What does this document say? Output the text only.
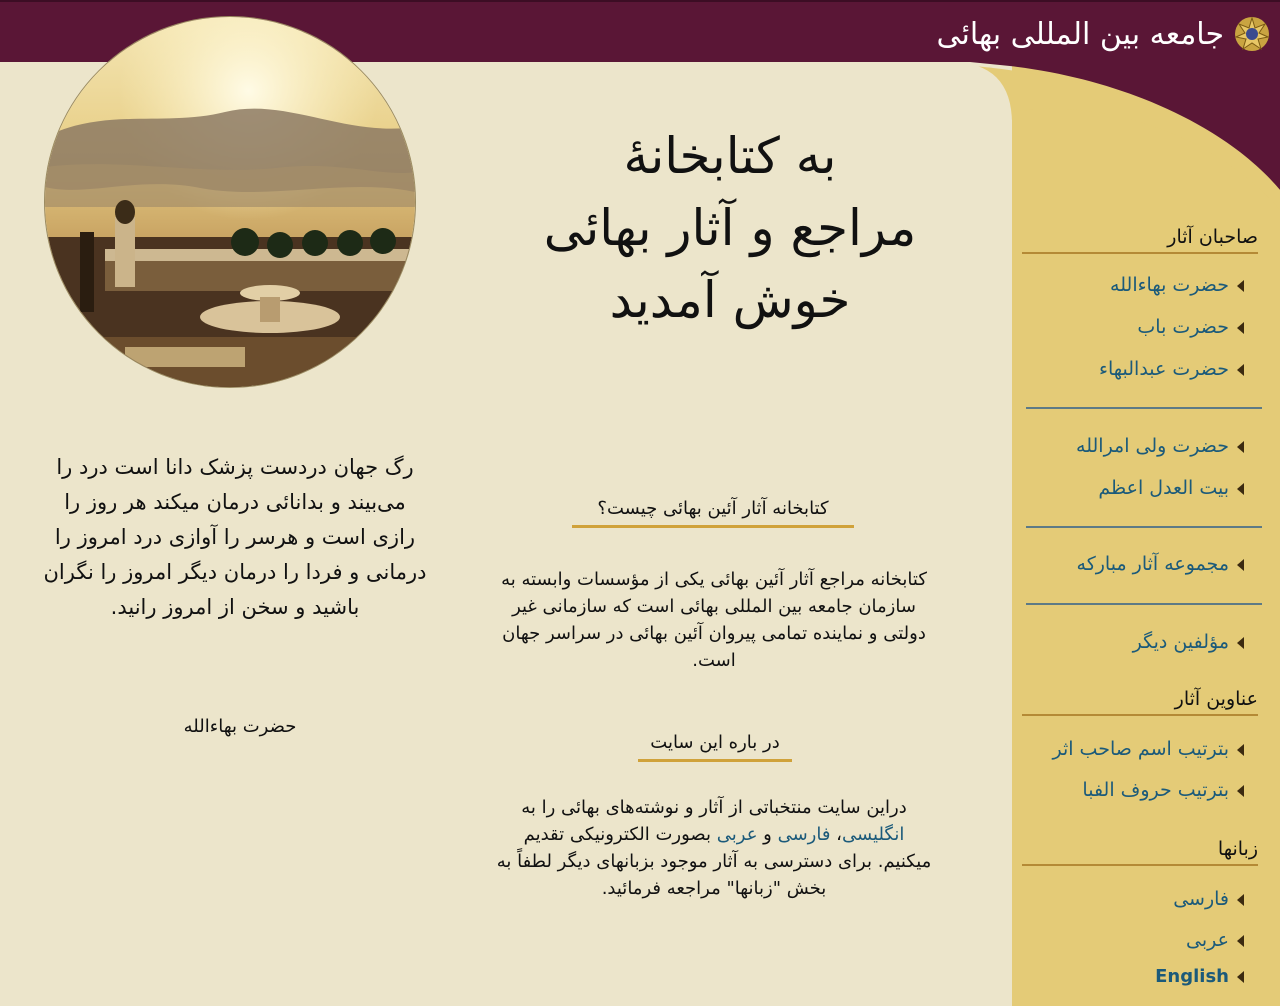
جامعه بین المللی بهائی
رگ جهان دردست پزشک دانا است درد را می‌بیند و بدانائی درمان میکند هر روز را رازی است و هرسر را آوازی درد امروز را درمانی و فردا را درمان دیگر امروز را نگران باشید و سخن از امروز رانید.
حضرت بهاءالله
به کتابخانهٔ
مراجع و آثار بهائی
خوش آمدید
کتابخانه آثار آئین بهائی چیست؟
کتابخانه مراجع آثار آئین بهائی یکی از مؤسسات وابسته به سازمان جامعه بین المللی بهائی است که سازمانی غیر دولتی و نماینده تمامی پیروان آئین بهائی در سراسر جهان است.
در باره این سایت
دراین سایت منتخباتی از آثار و نوشته‌های بهائی را به انگلیسی، فارسی و عربی بصورت الکترونیکی تقدیم میکنیم. برای دسترسی به آثار موجود بزبانهای دیگر لطفاً به بخش "زبانها" مراجعه فرمائید.
صاحبان آثار
حضرت بهاءالله
حضرت باب
حضرت عبدالبهاء
حضرت ولی امرالله
بیت العدل اعظم
مجموعه آثار مبارکه
مؤلفین دیگر
عناوین آثار
بترتیب اسم صاحب اثر
بترتیب حروف الفبا
زبانها
فارسی
عربی
English
